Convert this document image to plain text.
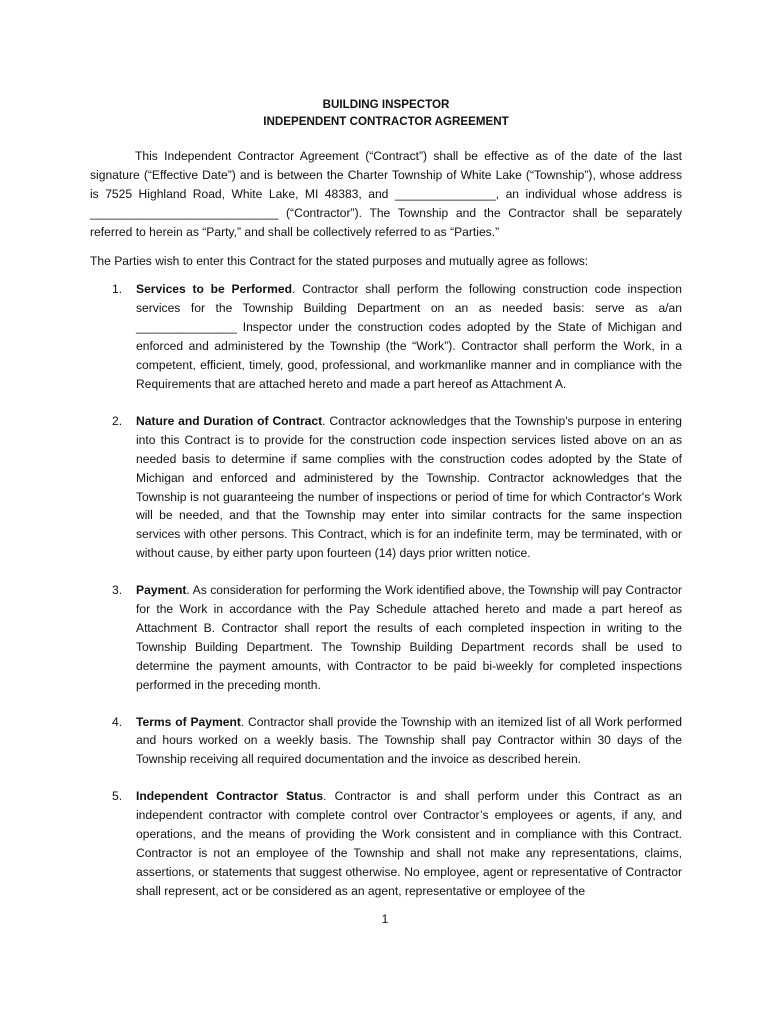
BUILDING INSPECTOR
INDEPENDENT CONTRACTOR AGREEMENT

This Independent Contractor Agreement (“Contract”) shall be effective as of the date of the last signature (“Effective Date”) and is between the Charter Township of White Lake (“Township”), whose address is 7525 Highland Road, White Lake, MI 48383, and _______________, an individual whose address is ____________________________ (“Contractor”). The Township and the Contractor shall be separately referred to herein as “Party,” and shall be collectively referred to as “Parties.”

The Parties wish to enter this Contract for the stated purposes and mutually agree as follows:

1. Services to be Performed. Contractor shall perform the following construction code inspection services for the Township Building Department on an as needed basis: serve as a/an _______________ Inspector under the construction codes adopted by the State of Michigan and enforced and administered by the Township (the “Work”). Contractor shall perform the Work, in a competent, efficient, timely, good, professional, and workmanlike manner and in compliance with the Requirements that are attached hereto and made a part hereof as Attachment A.
2. Nature and Duration of Contract. Contractor acknowledges that the Township's purpose in entering into this Contract is to provide for the construction code inspection services listed above on an as needed basis to determine if same complies with the construction codes adopted by the State of Michigan and enforced and administered by the Township. Contractor acknowledges that the Township is not guaranteeing the number of inspections or period of time for which Contractor's Work will be needed, and that the Township may enter into similar contracts for the same inspection services with other persons. This Contract, which is for an indefinite term, may be terminated, with or without cause, by either party upon fourteen (14) days prior written notice.
3. Payment. As consideration for performing the Work identified above, the Township will pay Contractor for the Work in accordance with the Pay Schedule attached hereto and made a part hereof as Attachment B. Contractor shall report the results of each completed inspection in writing to the Township Building Department. The Township Building Department records shall be used to determine the payment amounts, with Contractor to be paid bi-weekly for completed inspections performed in the preceding month.
4. Terms of Payment. Contractor shall provide the Township with an itemized list of all Work performed and hours worked on a weekly basis. The Township shall pay Contractor within 30 days of the Township receiving all required documentation and the invoice as described herein.
5. Independent Contractor Status. Contractor is and shall perform under this Contract as an independent contractor with complete control over Contractor’s employees or agents, if any, and operations, and the means of providing the Work consistent and in compliance with this Contract. Contractor is not an employee of the Township and shall not make any representations, claims, assertions, or statements that suggest otherwise. No employee, agent or representative of Contractor shall represent, act or be considered as an agent, representative or employee of the
1
